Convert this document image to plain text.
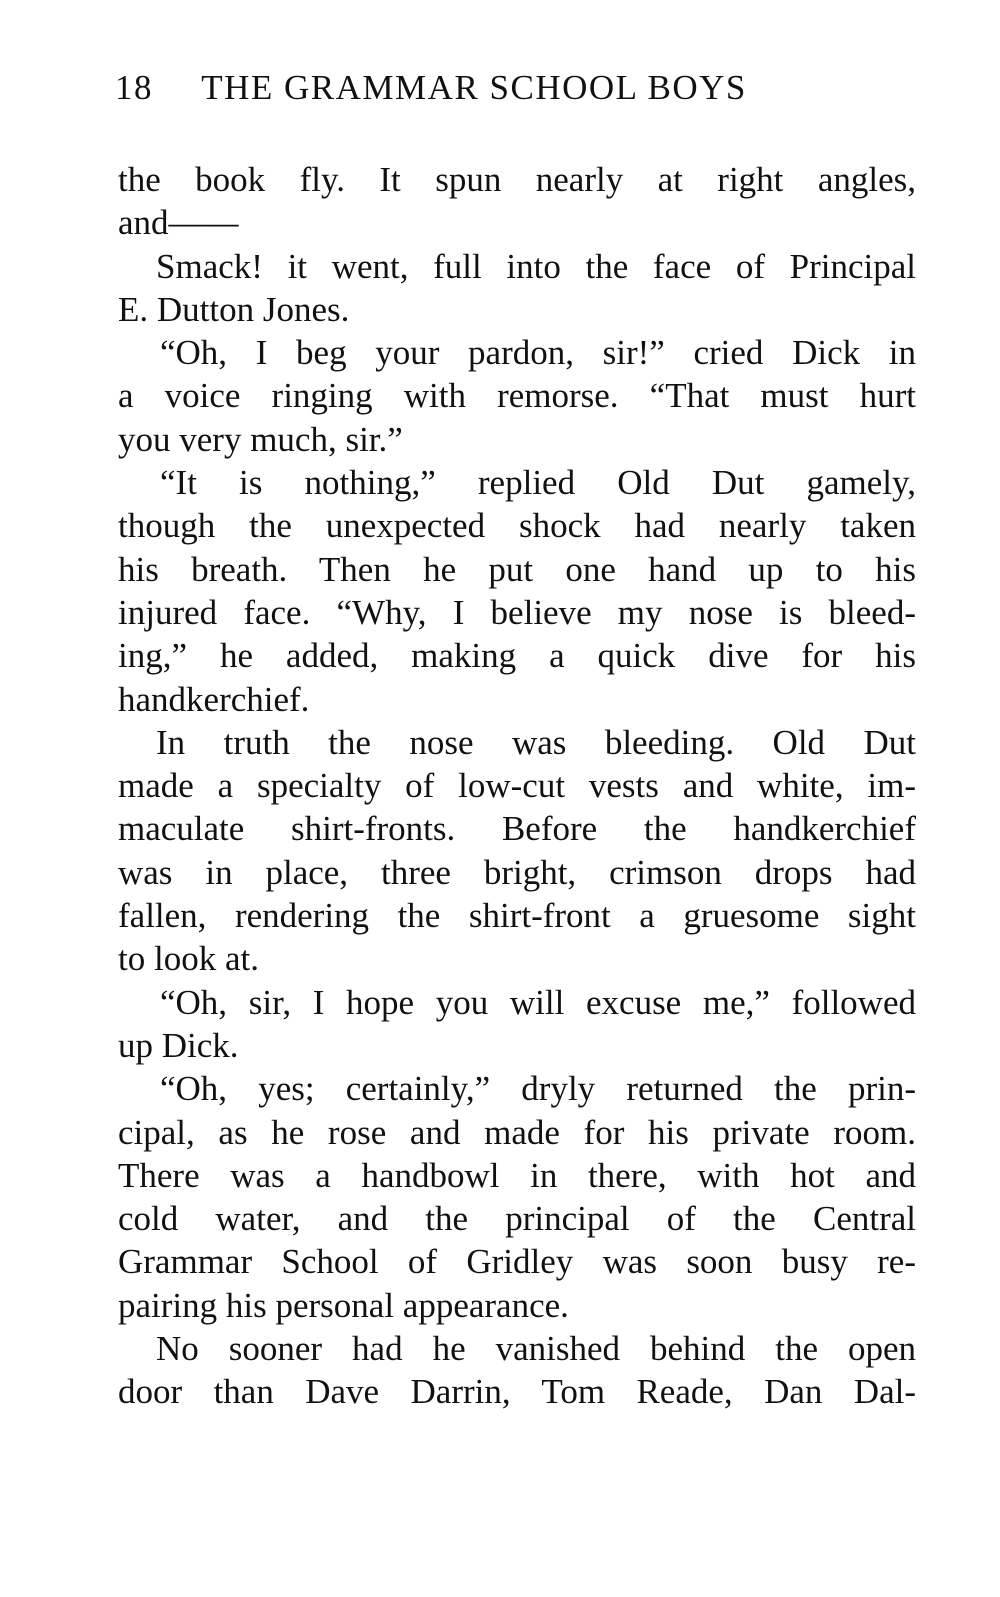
18 THE GRAMMAR SCHOOL BOYS
the book fly. It spun nearly at right angles,
and——
Smack! it went, full into the face of Principal
E. Dutton Jones.
“Oh, I beg your pardon, sir!” cried Dick in
a voice ringing with remorse. “That must hurt
you very much, sir.”
“It is nothing,” replied Old Dut gamely,
though the unexpected shock had nearly taken
his breath. Then he put one hand up to his
injured face. “Why, I believe my nose is bleed-
ing,” he added, making a quick dive for his
handkerchief.
In truth the nose was bleeding. Old Dut
made a specialty of low-cut vests and white, im-
maculate shirt-fronts. Before the handkerchief
was in place, three bright, crimson drops had
fallen, rendering the shirt-front a gruesome sight
to look at.
“Oh, sir, I hope you will excuse me,” followed
up Dick.
“Oh, yes; certainly,” dryly returned the prin-
cipal, as he rose and made for his private room.
There was a handbowl in there, with hot and
cold water, and the principal of the Central
Grammar School of Gridley was soon busy re-
pairing his personal appearance.
No sooner had he vanished behind the open
door than Dave Darrin, Tom Reade, Dan Dal-
